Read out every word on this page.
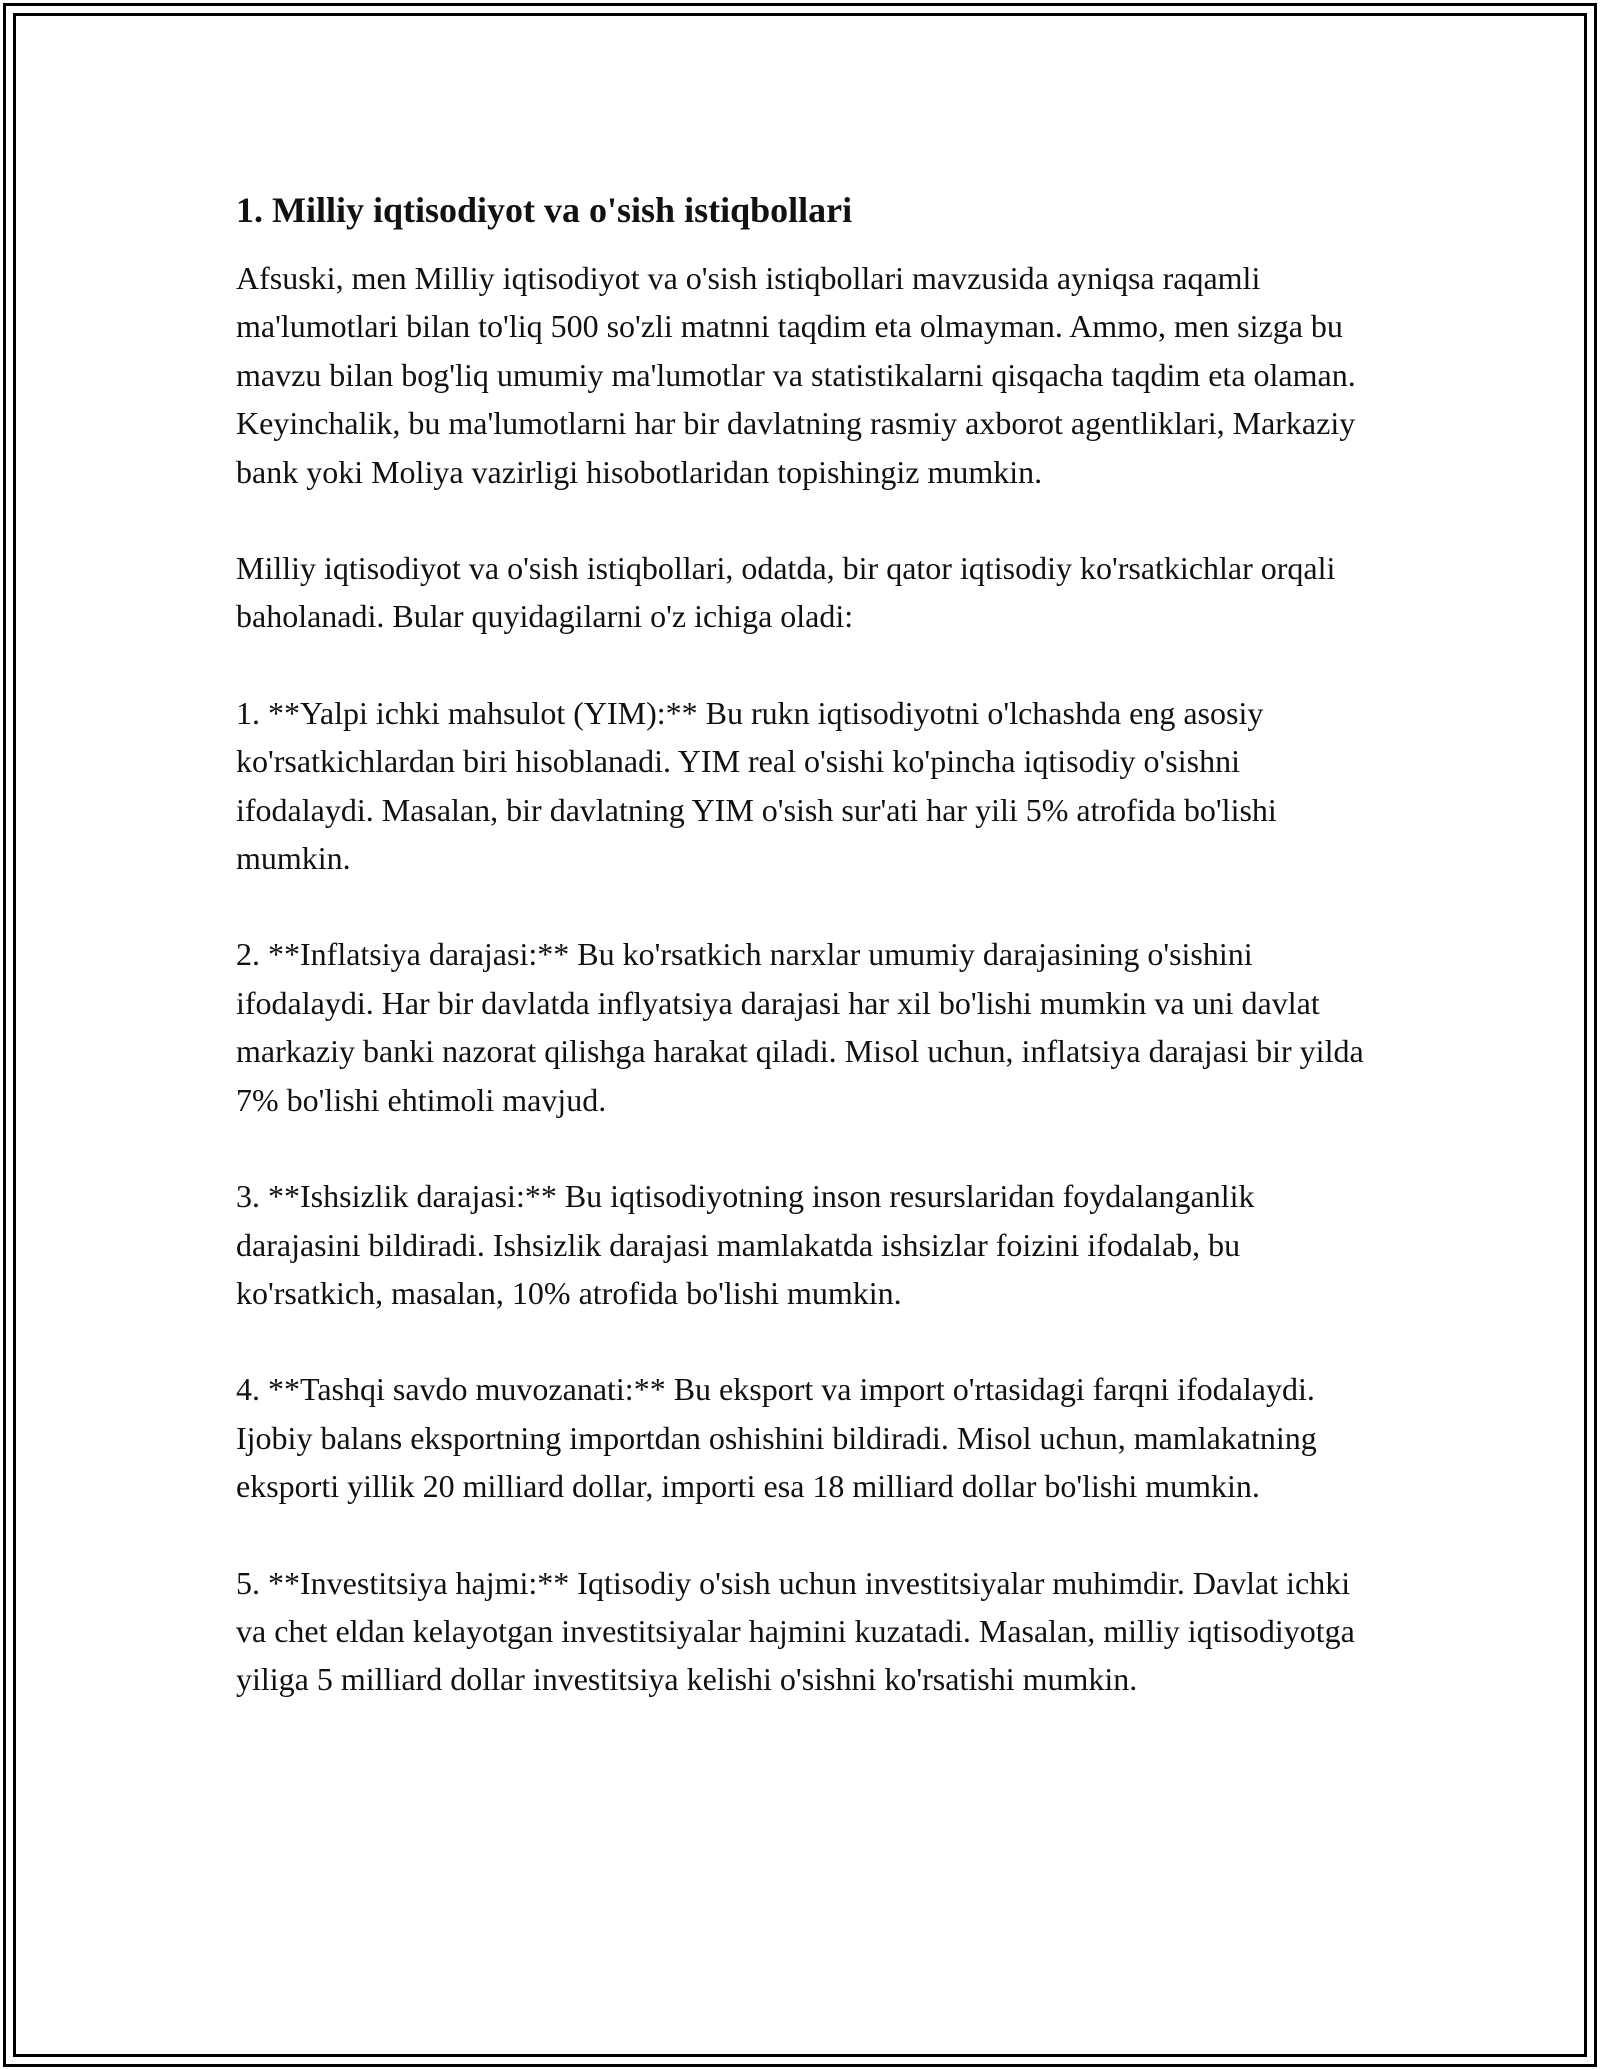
1. Milliy iqtisodiyot va o'sish istiqbollari

Afsuski, men Milliy iqtisodiyot va o'sish istiqbollari mavzusida ayniqsa raqamli ma'lumotlari bilan to'liq 500 so'zli matnni taqdim eta olmayman. Ammo, men sizga bu mavzu bilan bog'liq umumiy ma'lumotlar va statistikalarni qisqacha taqdim eta olaman. Keyinchalik, bu ma'lumotlarni har bir davlatning rasmiy axborot agentliklari, Markaziy bank yoki Moliya vazirligi hisobotlaridan topishingiz mumkin.

Milliy iqtisodiyot va o'sish istiqbollari, odatda, bir qator iqtisodiy ko'rsatkichlar orqali baholanadi. Bular quyidagilarni o'z ichiga oladi:

1. **Yalpi ichki mahsulot (YIM):** Bu rukn iqtisodiyotni o'lchashda eng asosiy ko'rsatkichlardan biri hisoblanadi. YIM real o'sishi ko'pincha iqtisodiy o'sishni ifodalaydi. Masalan, bir davlatning YIM o'sish sur'ati har yili 5% atrofida bo'lishi mumkin.

2. **Inflatsiya darajasi:** Bu ko'rsatkich narxlar umumiy darajasining o'sishini ifodalaydi. Har bir davlatda inflyatsiya darajasi har xil bo'lishi mumkin va uni davlat markaziy banki nazorat qilishga harakat qiladi. Misol uchun, inflatsiya darajasi bir yilda 7% bo'lishi ehtimoli mavjud.

3. **Ishsizlik darajasi:** Bu iqtisodiyotning inson resurslaridan foydalanganlik darajasini bildiradi. Ishsizlik darajasi mamlakatda ishsizlar foizini ifodalab, bu ko'rsatkich, masalan, 10% atrofida bo'lishi mumkin.

4. **Tashqi savdo muvozanati:** Bu eksport va import o'rtasidagi farqni ifodalaydi. Ijobiy balans eksportning importdan oshishini bildiradi. Misol uchun, mamlakatning eksporti yillik 20 milliard dollar, importi esa 18 milliard dollar bo'lishi mumkin.

5. **Investitsiya hajmi:** Iqtisodiy o'sish uchun investitsiyalar muhimdir. Davlat ichki va chet eldan kelayotgan investitsiyalar hajmini kuzatadi. Masalan, milliy iqtisodiyotga yiliga 5 milliard dollar investitsiya kelishi o'sishni ko'rsatishi mumkin.
